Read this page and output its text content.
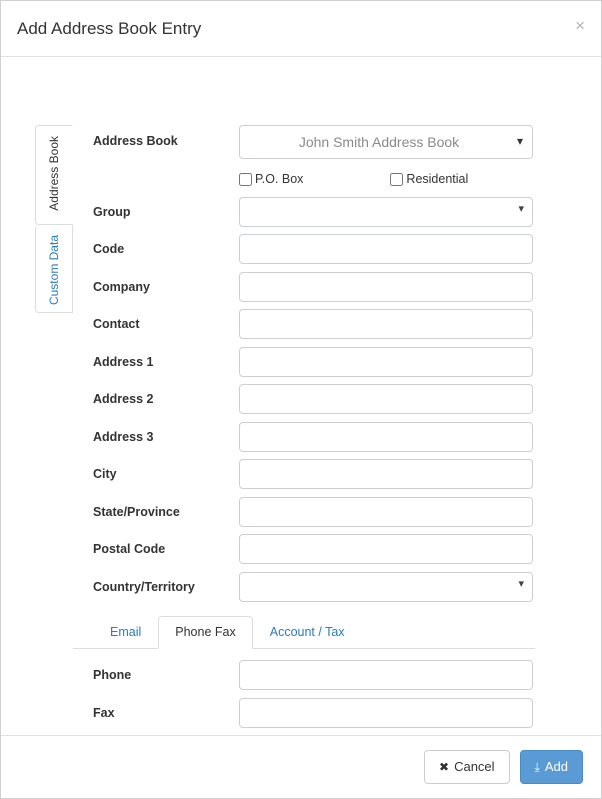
Add Address Book Entry	×
Address Book
Custom Data
Address Book	John Smith Address Book	▾
P.O. Box	Residential
Group	▾
Code
Company
Contact
Address 1
Address 2
Address 3
City
State/Province
Postal Code
Country/Territory	▾
Email	Phone Fax	Account / Tax
Phone
Fax
✖ Cancel	⤓ Add
